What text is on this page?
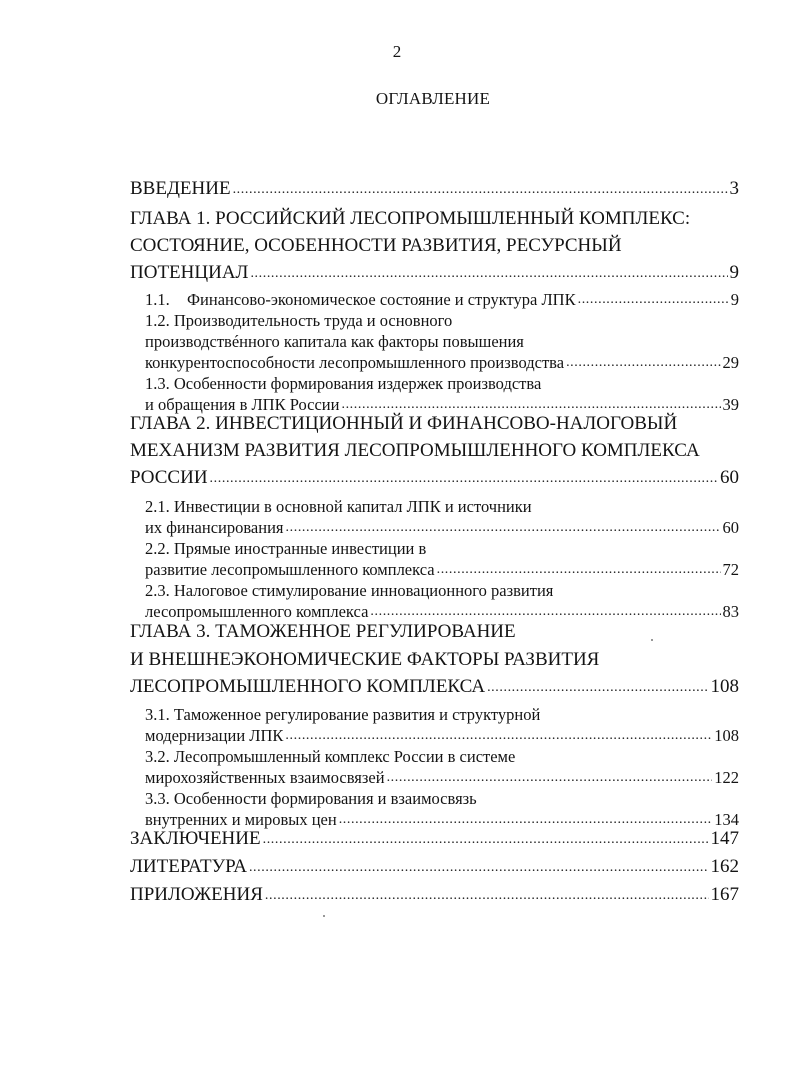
2
ОГЛАВЛЕНИЕ
ВВЕДЕНИЕ .....	3
ГЛАВА 1. РОССИЙСКИЙ ЛЕСОПРОМЫШЛЕННЫЙ КОМПЛЕКС:
СОСТОЯНИЕ, ОСОБЕННОСТИ РАЗВИТИЯ, РЕСУРСНЫЙ
ПОТЕНЦИАЛ .....	9
1.1.	Финансово-экономическое состояние и структура ЛПК .....	9
1.2. Производительность труда и основного
производствéнного капитала как факторы повышения
конкурентоспособности лесопромышленного производства .....	29
1.3. Особенности формирования издержек производства
и обращения в ЛПК России .....	39
ГЛАВА 2. ИНВЕСТИЦИОННЫЙ И ФИНАНСОВО-НАЛОГОВЫЙ
МЕХАНИЗМ РАЗВИТИЯ ЛЕСОПРОМЫШЛЕННОГО КОМПЛЕКСА
РОССИИ .....	60
2.1. Инвестиции в основной капитал ЛПК и источники
их финансирования .....	60
2.2. Прямые иностранные инвестиции в
развитие лесопромышленного комплекса .....	72
2.3. Налоговое стимулирование инновационного развития
лесопромышленного комплекса .....	83
ГЛАВА 3. ТАМОЖЕННОЕ РЕГУЛИРОВАНИЕ
И ВНЕШНЕЭКОНОМИЧЕСКИЕ ФАКТОРЫ РАЗВИТИЯ
ЛЕСОПРОМЫШЛЕННОГО КОМПЛЕКСА .....	108
3.1. Таможенное регулирование развития и структурной
модернизации ЛПК .....	108
3.2. Лесопромышленный комплекс России в системе
мирохозяйственных взаимосвязей .....	122
3.3. Особенности формирования и взаимосвязь
внутренних и мировых цен .....	134
ЗАКЛЮЧЕНИЕ .....	147
ЛИТЕРАТУРА .....	162
ПРИЛОЖЕНИЯ .....	167
